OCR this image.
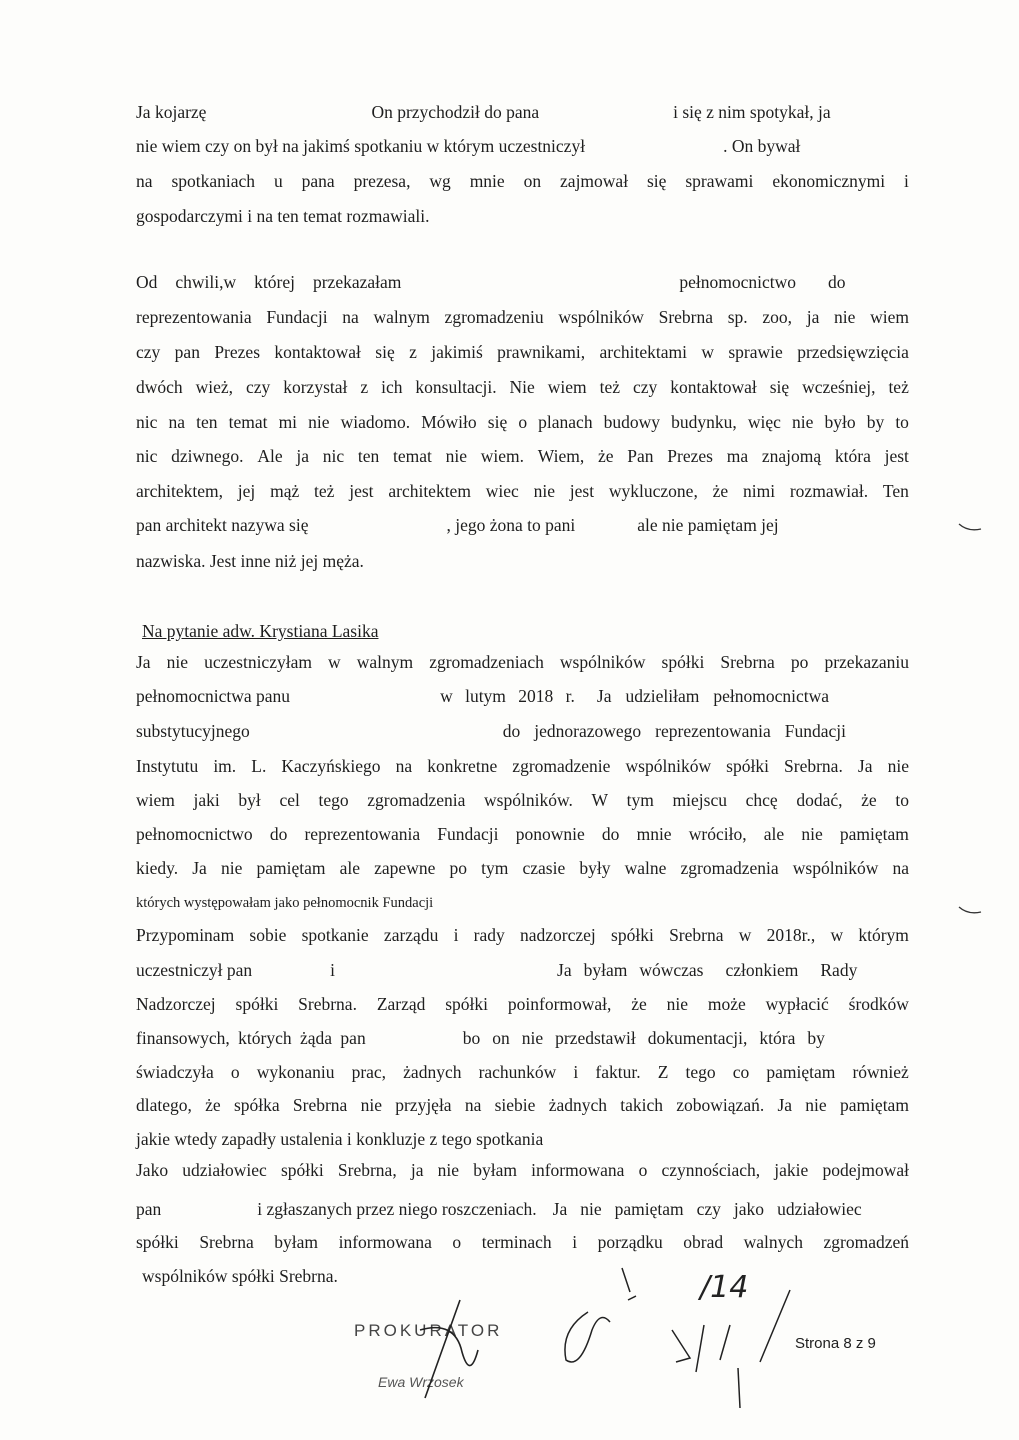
Ja kojarzę	On przychodził do pana	i się z nim spotykał, ja
nie wiem czy on był na jakimś spotkaniu w którym uczestniczył	. On bywał
na spotkaniach u pana prezesa, wg mnie on zajmował się sprawami ekonomicznymi i
gospodarczymi i na ten temat rozmawiali.
Od chwili,w której przekazałam	pełnomocnictwo do
reprezentowania Fundacji na walnym zgromadzeniu wspólników Srebrna sp. zoo, ja nie wiem
czy pan Prezes kontaktował się z jakimiś prawnikami, architektami w sprawie przedsięwzięcia
dwóch wież, czy korzystał z ich konsultacji. Nie wiem też czy kontaktował się wcześniej, też
nic na ten temat mi nie wiadomo. Mówiło się o planach budowy budynku, więc nie było by to
nic dziwnego. Ale ja nic ten temat nie wiem. Wiem, że Pan Prezes ma znajomą która jest
architektem, jej mąż też jest architektem wiec nie jest wykluczone, że nimi rozmawiał. Ten
pan architekt nazywa się	, jego żona to pani	ale nie pamiętam jej
nazwiska. Jest inne niż jej męża.
Na pytanie adw. Krystiana Lasika
Ja nie uczestniczyłam w walnym zgromadzeniach wspólników spółki Srebrna po przekazaniu
pełnomocnictwa panu	w lutym 2018 r. Ja udzieliłam pełnomocnictwa
substytucyjnego	do jednorazowego reprezentowania Fundacji
Instytutu im. L. Kaczyńskiego na konkretne zgromadzenie wspólników spółki Srebrna. Ja nie
wiem jaki był cel tego zgromadzenia wspólników. W tym miejscu chcę dodać, że to
pełnomocnictwo do reprezentowania Fundacji ponownie do mnie wróciło, ale nie pamiętam
kiedy. Ja nie pamiętam ale zapewne po tym czasie były walne zgromadzenia wspólników na
których występowałam jako pełnomocnik Fundacji
Przypominam sobie spotkanie zarządu i rady nadzorczej spółki Srebrna w 2018r., w którym
uczestniczył pan	i	Ja byłam wówczas członkiem Rady
Nadzorczej spółki Srebrna. Zarząd spółki poinformował, że nie może wypłacić środków
finansowych, których żąda pan	bo on nie przedstawił dokumentacji, która by
świadczyła o wykonaniu prac, żadnych rachunków i faktur. Z tego co pamiętam również
dlatego, że spółka Srebrna nie przyjęła na siebie żadnych takich zobowiązań. Ja nie pamiętam
jakie wtedy zapadły ustalenia i konkluzje z tego spotkania
Jako udziałowiec spółki Srebrna, ja nie byłam informowana o czynnościach, jakie podejmował
pan	i zgłaszanych przez niego roszczeniach. Ja nie pamiętam czy jako udziałowiec
spółki Srebrna byłam informowana o terminach i porządku obrad walnych zgromadzeń
wspólników spółki Srebrna.
PROKURATOR
Ewa Wrzosek
/14
Strona 8 z 9
